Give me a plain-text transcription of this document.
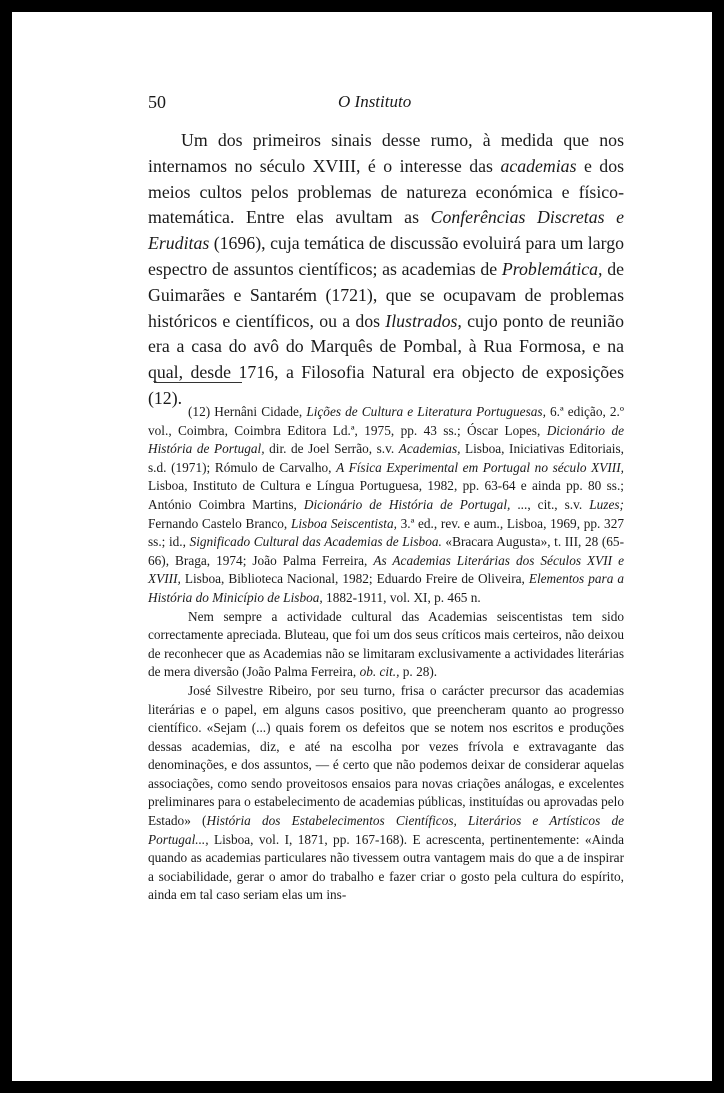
50	O Instituto

Um dos primeiros sinais desse rumo, à medida que nos internamos no século XVIII, é o interesse das academias e dos meios cultos pelos problemas de natureza económica e físico-matemática. Entre elas avultam as Conferências Discretas e Eruditas (1696), cuja temática de discussão evoluirá para um largo espectro de assuntos científicos; as academias de Problemática, de Guimarães e Santarém (1721), que se ocupavam de problemas históricos e científicos, ou a dos Ilustrados, cujo ponto de reunião era a casa do avô do Marquês de Pombal, à Rua Formosa, e na qual, desde 1716, a Filosofia Natural era objecto de exposições (12).

(12) Hernâni Cidade, Lições de Cultura e Literatura Portuguesas, 6.ª edição, 2.º vol., Coimbra, Coimbra Editora Ld.ª, 1975, pp. 43 ss.; Óscar Lopes, Dicionário de História de Portugal, dir. de Joel Serrão, s.v. Academias, Lisboa, Iniciativas Editoriais, s.d. (1971); Rómulo de Carvalho, A Física Experimental em Portugal no século XVIII, Lisboa, Instituto de Cultura e Língua Portuguesa, 1982, pp. 63-64 e ainda pp. 80 ss.; António Coimbra Martins, Dicionário de História de Portugal, ..., cit., s.v. Luzes; Fernando Castelo Branco, Lisboa Seiscentista, 3.ª ed., rev. e aum., Lisboa, 1969, pp. 327 ss.; id., Significado Cultural das Academias de Lisboa. «Bracara Augusta», t. III, 28 (65-66), Braga, 1974; João Palma Ferreira, As Academias Literárias dos Séculos XVII e XVIII, Lisboa, Biblioteca Nacional, 1982; Eduardo Freire de Oliveira, Elementos para a História do Minicípio de Lisboa, 1882-1911, vol. XI, p. 465 n.

Nem sempre a actividade cultural das Academias seiscentistas tem sido correctamente apreciada. Bluteau, que foi um dos seus críticos mais certeiros, não deixou de reconhecer que as Academias não se limitaram exclusivamente a actividades literárias de mera diversão (João Palma Ferreira, ob. cit., p. 28).

José Silvestre Ribeiro, por seu turno, frisa o carácter precursor das academias literárias e o papel, em alguns casos positivo, que preencheram quanto ao progresso científico. «Sejam (...) quais forem os defeitos que se notem nos escritos e produções dessas academias, diz, e até na escolha por vezes frívola e extravagante das denominações, e dos assuntos, — é certo que não podemos deixar de considerar aquelas associações, como sendo proveitosos ensaios para novas criações análogas, e excelentes preliminares para o estabelecimento de academias públicas, instituídas ou aprovadas pelo Estado» (História dos Estabelecimentos Científicos, Literários e Artísticos de Portugal..., Lisboa, vol. I, 1871, pp. 167-168). E acrescenta, pertinentemente: «Ainda quando as academias particulares não tivessem outra vantagem mais do que a de inspirar a sociabilidade, gerar o amor do trabalho e fazer criar o gosto pela cultura do espírito, ainda em tal caso seriam elas um ins-
